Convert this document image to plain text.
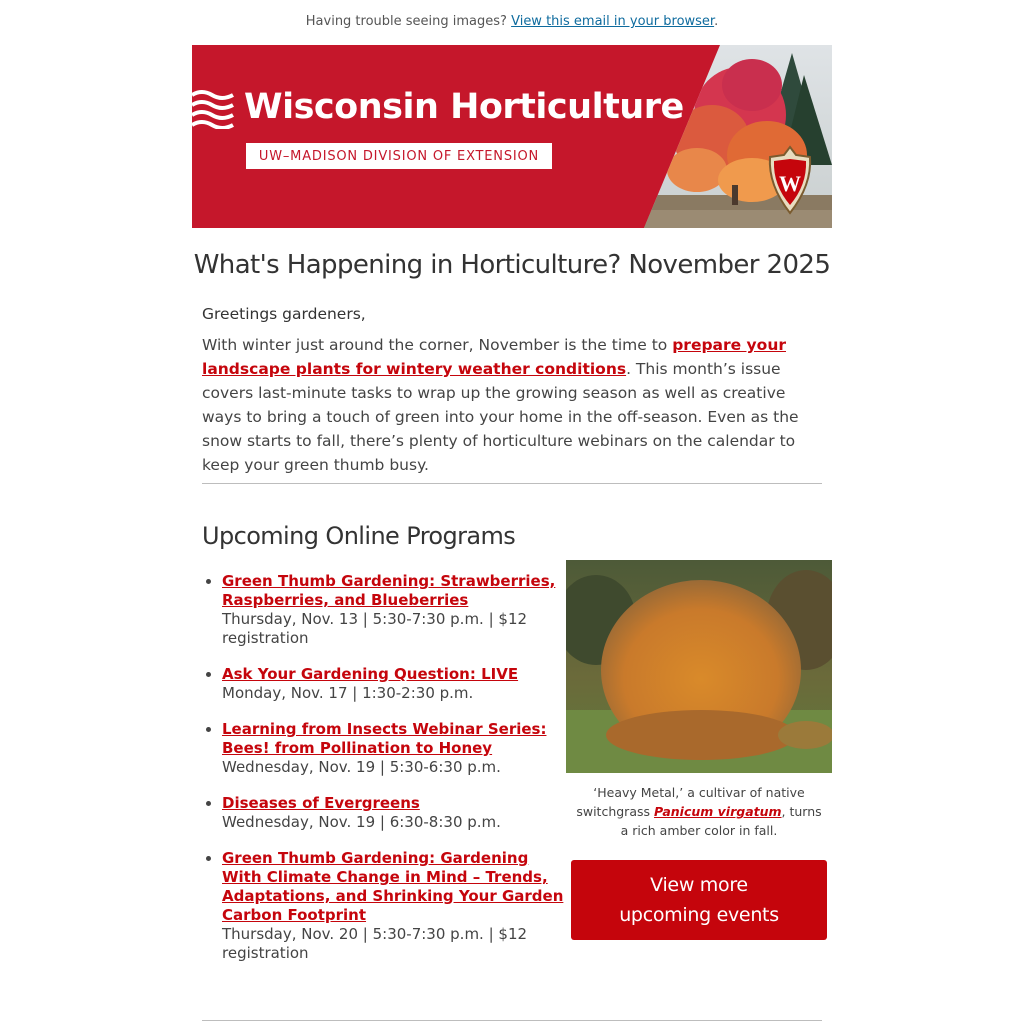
Having trouble seeing images? View this email in your browser.
Wisconsin Horticulture
UW–MADISON DIVISION OF EXTENSION
W
What's Happening in Horticulture? November 2025

Greetings gardeners,

With winter just around the corner, November is the time to prepare your landscape plants for wintery weather conditions. This month’s issue covers last-minute tasks to wrap up the growing season as well as creative ways to bring a touch of green into your home in the off-season. Even as the snow starts to fall, there’s plenty of horticulture webinars on the calendar to keep your green thumb busy.

Upcoming Online Programs
• Green Thumb Gardening: Strawberries, Raspberries, and Blueberries
Thursday, Nov. 13 | 5:30-7:30 p.m. | $12 registration
• Ask Your Gardening Question: LIVE
Monday, Nov. 17 | 1:30-2:30 p.m.
• Learning from Insects Webinar Series: Bees! from Pollination to Honey
Wednesday, Nov. 19 | 5:30-6:30 p.m.
• Diseases of Evergreens
Wednesday, Nov. 19 | 6:30-8:30 p.m.
• Green Thumb Gardening: Gardening With Climate Change in Mind – Trends, Adaptations, and Shrinking Your Garden Carbon Footprint
Thursday, Nov. 20 | 5:30-7:30 p.m. | $12 registration
‘Heavy Metal,’ a cultivar of native switchgrass Panicum virgatum, turns a rich amber color in fall.
View more upcoming events
